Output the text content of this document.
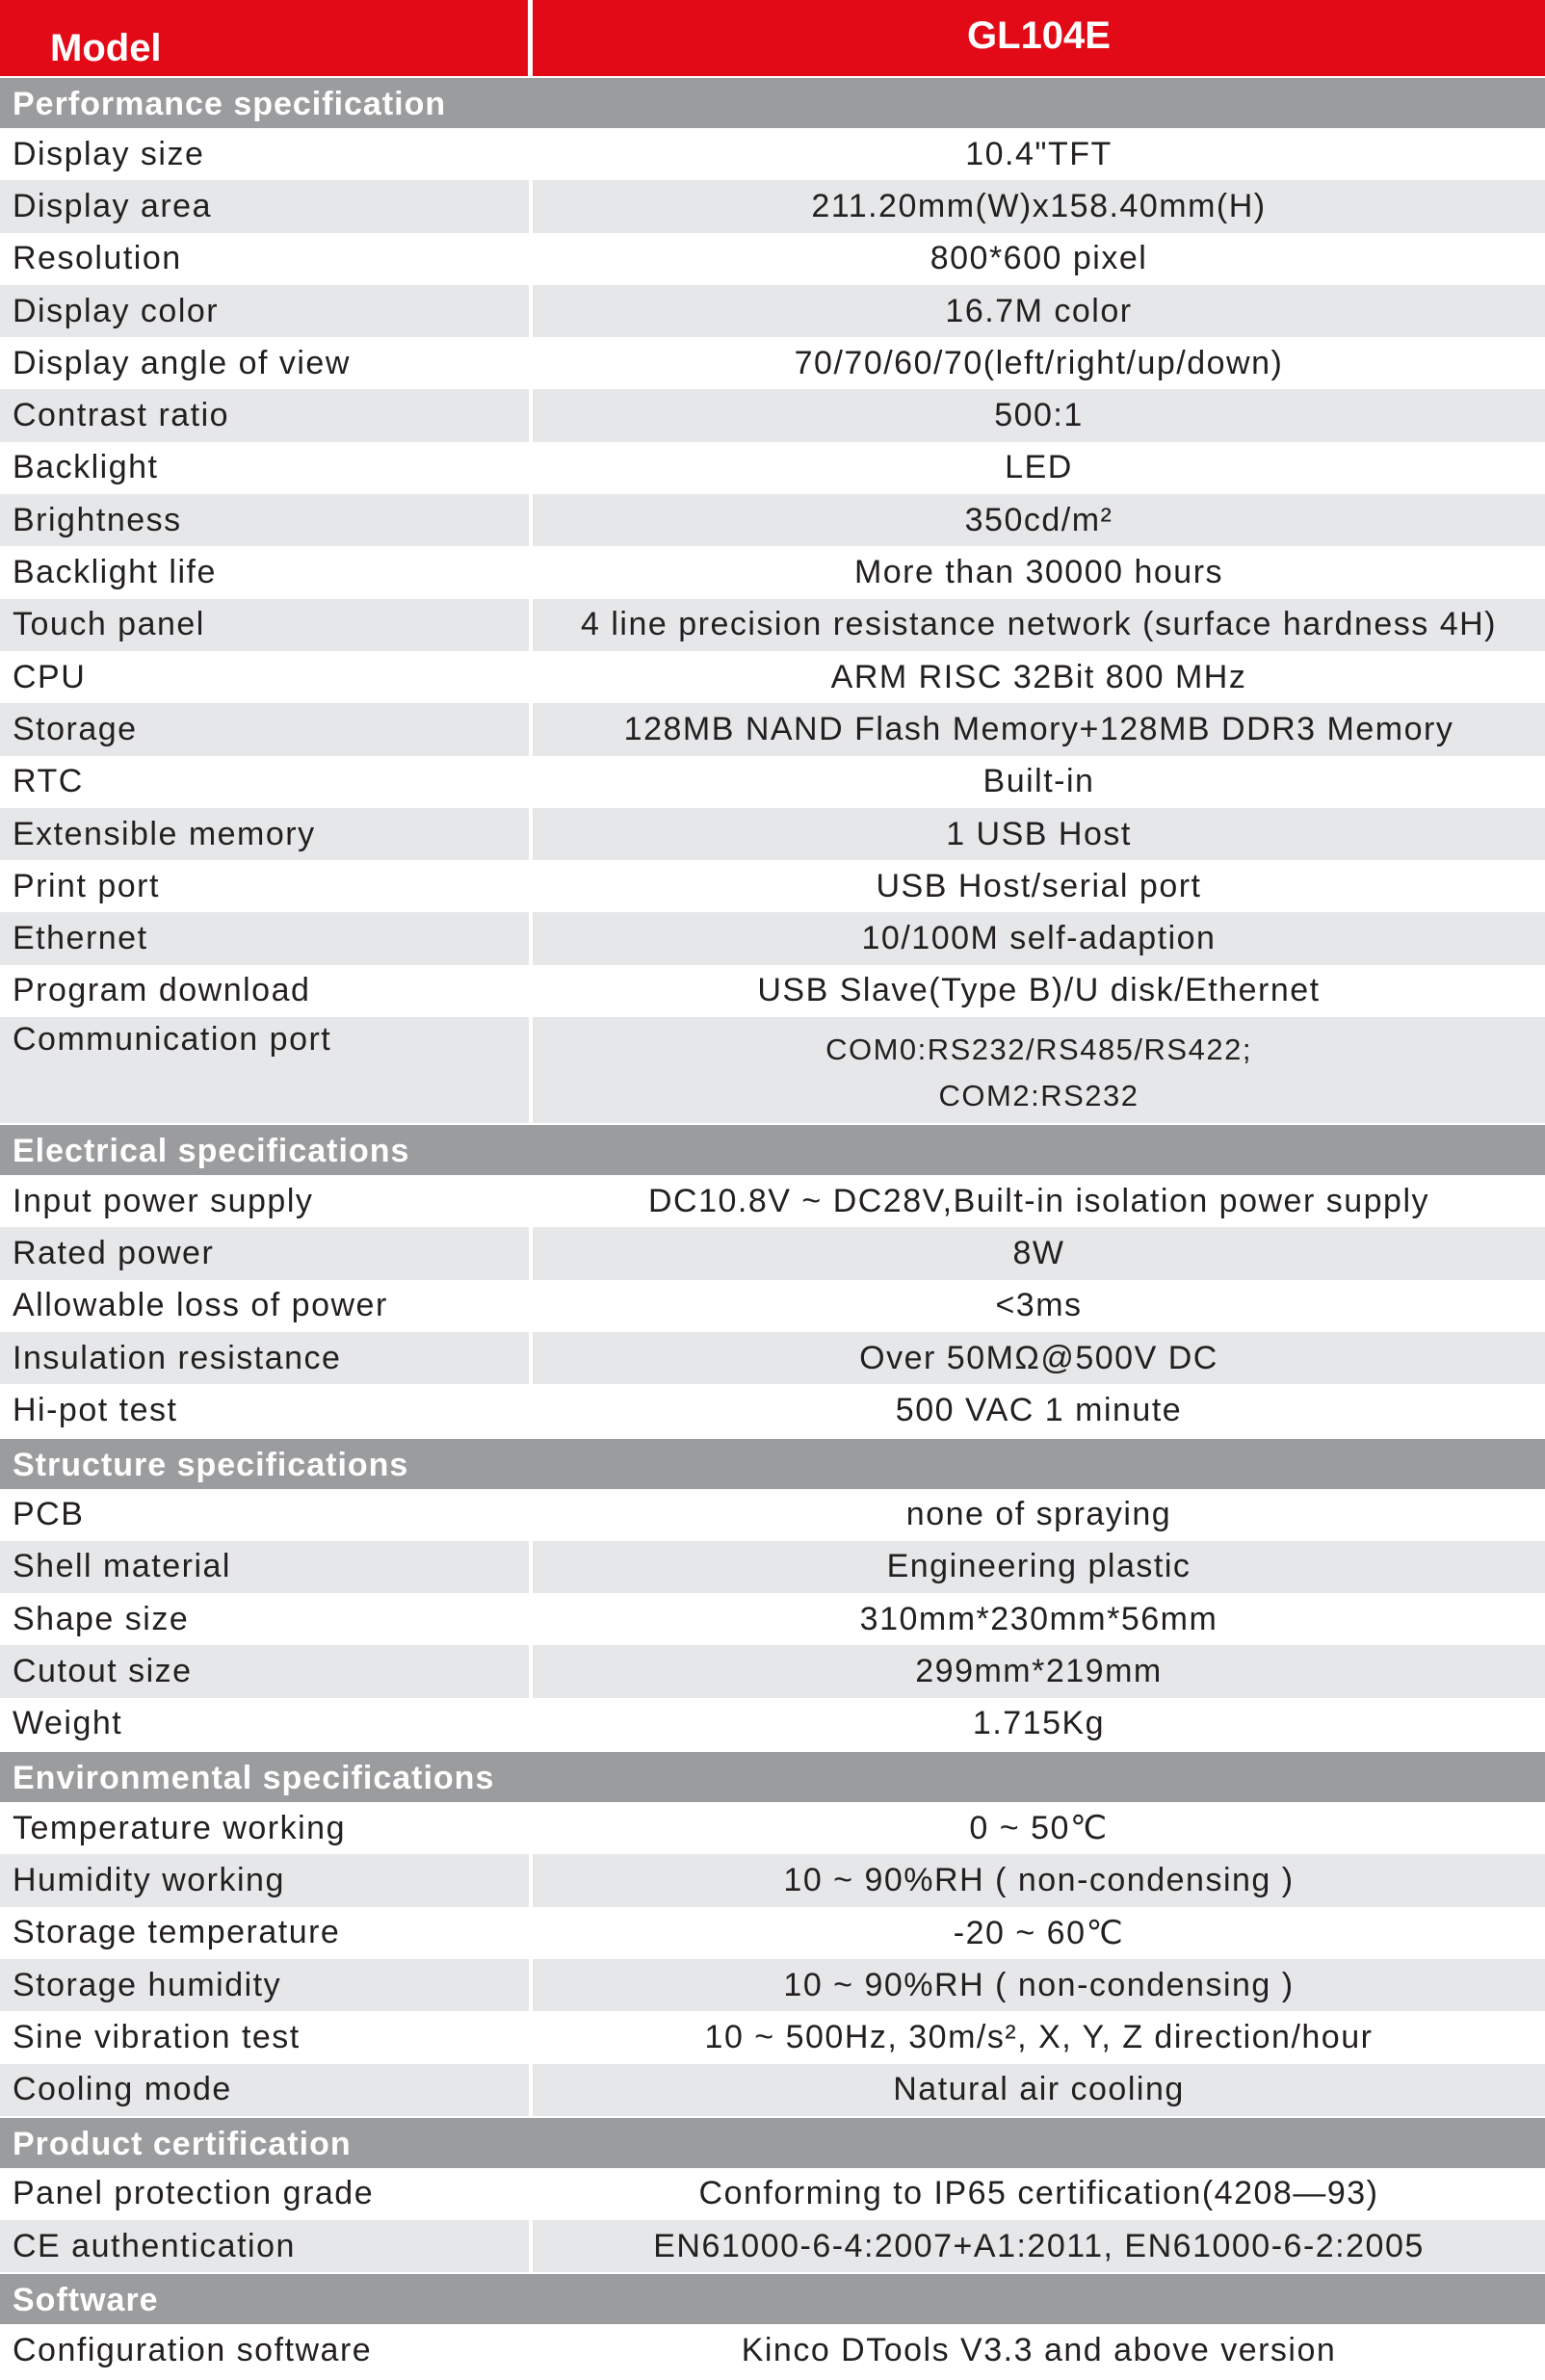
Model	GL104E
Performance specification
Display size	10.4"TFT
Display area	211.20mm(W)x158.40mm(H)
Resolution	800*600 pixel
Display color	16.7M color
Display angle of view	70/70/60/70(left/right/up/down)
Contrast ratio	500:1
Backlight	LED
Brightness	350cd/m²
Backlight life	More than 30000 hours
Touch panel	4 line precision resistance network (surface hardness 4H)
CPU	ARM RISC 32Bit 800 MHz
Storage	128MB NAND Flash Memory+128MB DDR3 Memory
RTC	Built-in
Extensible memory	1 USB Host
Print port	USB Host/serial port
Ethernet	10/100M self-adaption
Program download	USB Slave(Type B)/U disk/Ethernet
Communication port	COM0:RS232/RS485/RS422;
COM2:RS232
Electrical specifications
Input power supply	DC10.8V ~ DC28V,Built-in isolation power supply
Rated power	8W
Allowable loss of power	<3ms
Insulation resistance	Over 50MΩ@500V DC
Hi-pot test	500 VAC 1 minute
Structure specifications
PCB	none of spraying
Shell material	Engineering plastic
Shape size	310mm*230mm*56mm
Cutout size	299mm*219mm
Weight	1.715Kg
Environmental specifications
Temperature working	0 ~ 50℃
Humidity working	10 ~ 90%RH ( non-condensing )
Storage temperature	-20 ~ 60℃
Storage humidity	10 ~ 90%RH ( non-condensing )
Sine vibration test	10 ~ 500Hz, 30m/s², X, Y, Z direction/hour
Cooling mode	Natural air cooling
Product certification
Panel protection grade	Conforming to IP65 certification(4208—93)
CE authentication	EN61000-6-4:2007+A1:2011, EN61000-6-2:2005
Software
Configuration software	Kinco DTools V3.3 and above version
